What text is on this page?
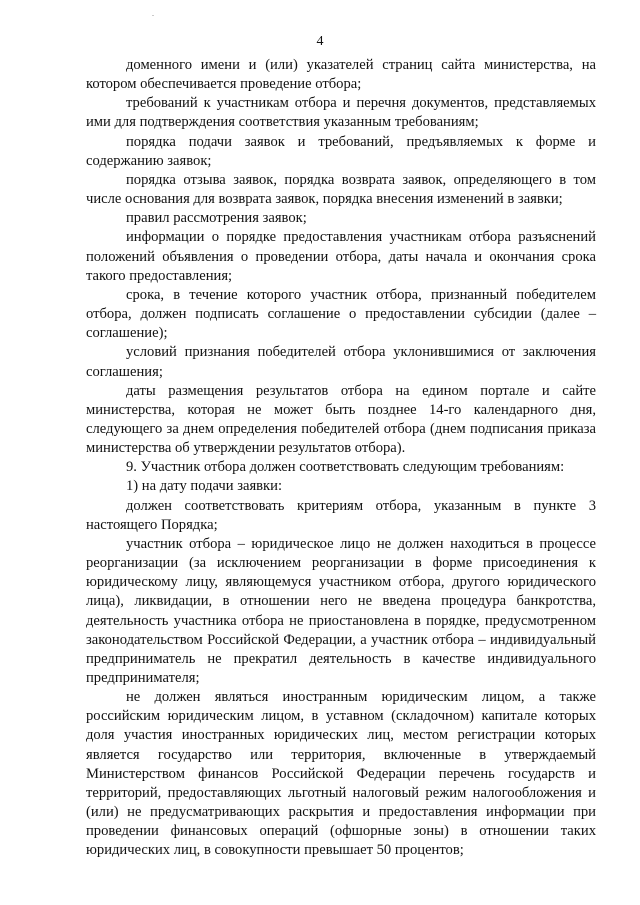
.
4

доменного имени и (или) указателей страниц сайта министерства, на котором обеспечивается проведение отбора;

требований к участникам отбора и перечня документов, представляемых ими для подтверждения соответствия указанным требованиям;

порядка подачи заявок и требований, предъявляемых к форме и содержанию заявок;

порядка отзыва заявок, порядка возврата заявок, определяющего в том числе основания для возврата заявок, порядка внесения изменений в заявки;

правил рассмотрения заявок;

информации о порядке предоставления участникам отбора разъяснений положений объявления о проведении отбора, даты начала и окончания срока такого предоставления;

срока, в течение которого участник отбора, признанный победителем отбора, должен подписать соглашение о предоставлении субсидии (далее – соглашение);

условий признания победителей отбора уклонившимися от заключения соглашения;

даты размещения результатов отбора на едином портале и сайте министерства, которая не может быть позднее 14-го календарного дня, следующего за днем определения победителей отбора (днем подписания приказа министерства об утверждении результатов отбора).

9. Участник отбора должен соответствовать следующим требованиям:

1) на дату подачи заявки:

должен соответствовать критериям отбора, указанным в пункте 3 настоящего Порядка;

участник отбора – юридическое лицо не должен находиться в процессе реорганизации (за исключением реорганизации в форме присоединения к юридическому лицу, являющемуся участником отбора, другого юридического лица), ликвидации, в отношении него не введена процедура банкротства, деятельность участника отбора не приостановлена в порядке, предусмотренном законодательством Российской Федерации, а участник отбора – индивидуальный предприниматель не прекратил деятельность в качестве индивидуального предпринимателя;

не должен являться иностранным юридическим лицом, а также российским юридическим лицом, в уставном (складочном) капитале которых доля участия иностранных юридических лиц, местом регистрации которых является государство или территория, включенные в утверждаемый Министерством финансов Российской Федерации перечень государств и территорий, предоставляющих льготный налоговый режим налогообложения и (или) не предусматривающих раскрытия и предоставления информации при проведении финансовых операций (офшорные зоны) в отношении таких юридических лиц, в совокупности превышает 50 процентов;
